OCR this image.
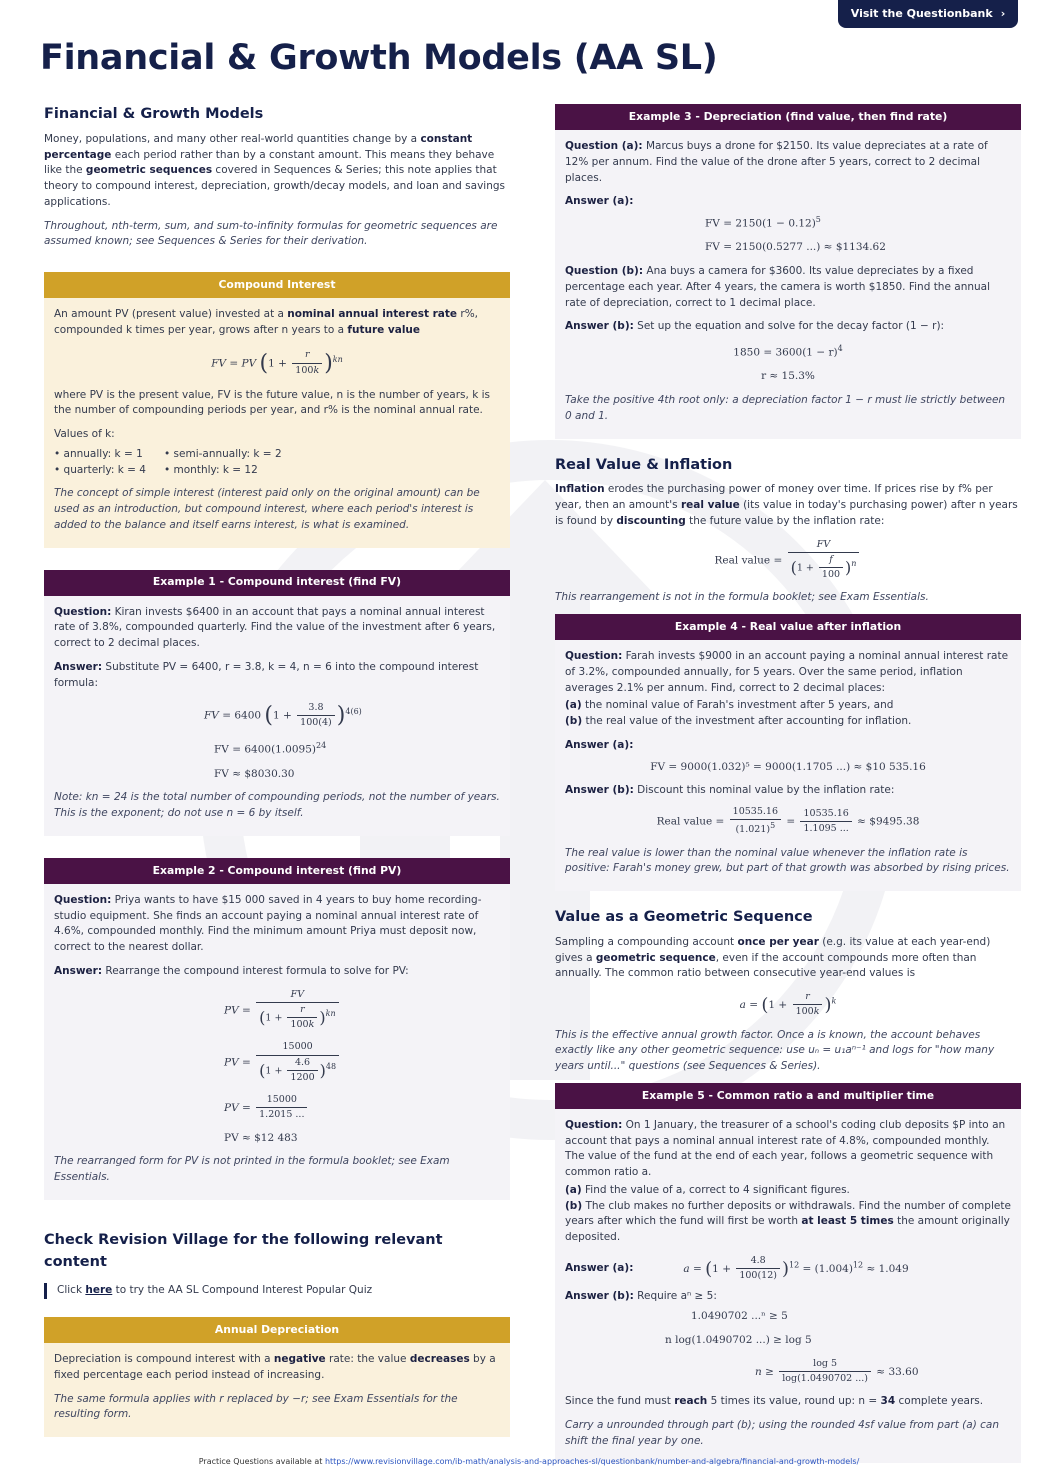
Visit the Questionbank ›
Financial & Growth Models (AA SL)
Financial & Growth Models

Money, populations, and many other real-world quantities change by a constant percentage each period rather than by a constant amount. This means they behave like the geometric sequences covered in Sequences & Series; this note applies that theory to compound interest, depreciation, growth/decay models, and loan and savings applications.

Throughout, nth-term, sum, and sum-to-infinity formulas for geometric sequences are assumed known; see Sequences & Series for their derivation.

Compound Interest

An amount PV (present value) invested at a nominal annual interest rate r%, compounded k times per year, grows after n years to a future value

FV = PV $(1 + \frac{r}{100k} )^{kn}$

where PV is the present value, FV is the future value, n is the number of years, k is the number of compounding periods per year, and r% is the nominal annual rate.

Values of k:

• annually: k = 1	• semi-annually: k = 2
• quarterly: k = 4	• monthly: k = 12

The concept of simple interest (interest paid only on the original amount) can be used as an introduction, but compound interest, where each period's interest is added to the balance and itself earns interest, is what is examined.

Example 1 - Compound interest (find FV)

Question: Kiran invests $6400 in an account that pays a nominal annual interest rate of 3.8%, compounded quarterly. Find the value of the investment after 6 years, correct to 2 decimal places.

Answer: Substitute PV = 6400, r = 3.8, k = 4, n = 6 into the compound interest formula:

FV = 6400 $(1 + \frac{3.8}{100(4)} )^{4(6)}$
FV = $6400(1.0095)^{24}$
FV ≈ $8030.30

Note: kn = 24 is the total number of compounding periods, not the number of years. This is the exponent; do not use n = 6 by itself.

Example 2 - Compound interest (find PV)

Question: Priya wants to have $15 000 saved in 4 years to buy home recording-studio equipment. She finds an account paying a nominal annual interest rate of 4.6%, compounded monthly. Find the minimum amount Priya must deposit now, correct to the nearest dollar.

Answer: Rearrange the compound interest formula to solve for PV:

PV = $\frac{FV}{(1 + \frac{r}{100k} )^{kn}}$
PV = $\frac{15000}{(1 + \frac{4.6}{1200} )^{48}}$
PV = $\frac{15000}{1.2015 ...}$
PV ≈ $12 483

The rearranged form for PV is not printed in the formula booklet; see Exam Essentials.

Check Revision Village for the following relevant content
Click here to try the AA SL Compound Interest Popular Quiz
Annual Depreciation

Depreciation is compound interest with a negative rate: the value decreases by a fixed percentage each period instead of increasing.

The same formula applies with r replaced by −r; see Exam Essentials for the resulting form.

Example 3 - Depreciation (find value, then find rate)

Question (a): Marcus buys a drone for $2150. Its value depreciates at a rate of 12% per annum. Find the value of the drone after 5 years, correct to 2 decimal places.

Answer (a):

FV = $2150(1 - 0.12)^5$
FV = 2150(0.5277 ...) ≈ $1134.62

Question (b): Ana buys a camera for $3600. Its value depreciates by a fixed percentage each year. After 4 years, the camera is worth $1850. Find the annual rate of depreciation, correct to 1 decimal place.

Answer (b): Set up the equation and solve for the decay factor (1 − r):

$1850 = 3600(1 - r)^4$
r ≈ 15.3%

Take the positive 4th root only: a depreciation factor 1 − r must lie strictly between 0 and 1.

Real Value & Inflation

Inflation erodes the purchasing power of money over time. If prices rise by f% per year, then an amount's real value (its value in today's purchasing power) after n years is found by discounting the future value by the inflation rate:

Real value = $\frac{FV}{(1 + \frac{f}{100} )^n}$

This rearrangement is not in the formula booklet; see Exam Essentials.

Example 4 - Real value after inflation

Question: Farah invests $9000 in an account paying a nominal annual interest rate of 3.2%, compounded annually, for 5 years. Over the same period, inflation averages 2.1% per annum. Find, correct to 2 decimal places:

(a) the nominal value of Farah's investment after 5 years, and

(b) the real value of the investment after accounting for inflation.

Answer (a):

FV = 9000(1.032)⁵ = 9000(1.1705 ...) ≈ $10 535.16

Answer (b): Discount this nominal value by the inflation rate:

Real value = $\frac{10535.16}{(1.021)^5} = \frac{10535.16}{1.1095 ...}$ ≈ $9495.38

The real value is lower than the nominal value whenever the inflation rate is positive: Farah's money grew, but part of that growth was absorbed by rising prices.

Value as a Geometric Sequence

Sampling a compounding account once per year (e.g. its value at each year-end) gives a geometric sequence, even if the account compounds more often than annually. The common ratio between consecutive year-end values is

$a = (1 + \frac{r}{100k} )^k$

This is the effective annual growth factor. Once a is known, the account behaves exactly like any other geometric sequence: use uₙ = u₁aⁿ⁻¹ and logs for "how many years until..." questions (see Sequences & Series).

Example 5 - Common ratio a and multiplier time

Question: On 1 January, the treasurer of a school's coding club deposits $P into an account that pays a nominal annual interest rate of 4.8%, compounded monthly. The value of the fund at the end of each year, follows a geometric sequence with common ratio a.

(a) Find the value of a, correct to 4 significant figures.

(b) The club makes no further deposits or withdrawals. Find the number of complete years after which the fund will first be worth at least 5 times the amount originally deposited.

Answer (a):	$a = (1 + \frac{4.8}{100(12)} )^{12} = (1.004)^{12} \approx 1.049$

Answer (b): Require aⁿ ≥ 5:

1.0490702 ...ⁿ ≥ 5
n log(1.0490702 ...) ≥ log 5
$n \ge \frac{\log 5}{\log(1.0490702 ...)} \approx 33.60$

Since the fund must reach 5 times its value, round up: n = 34 complete years.

Carry a unrounded through part (b); using the rounded 4sf value from part (a) can shift the final year by one.

Practice Questions available at https://www.revisionvillage.com/ib-math/analysis-and-approaches-sl/questionbank/number-and-algebra/financial-and-growth-models/
